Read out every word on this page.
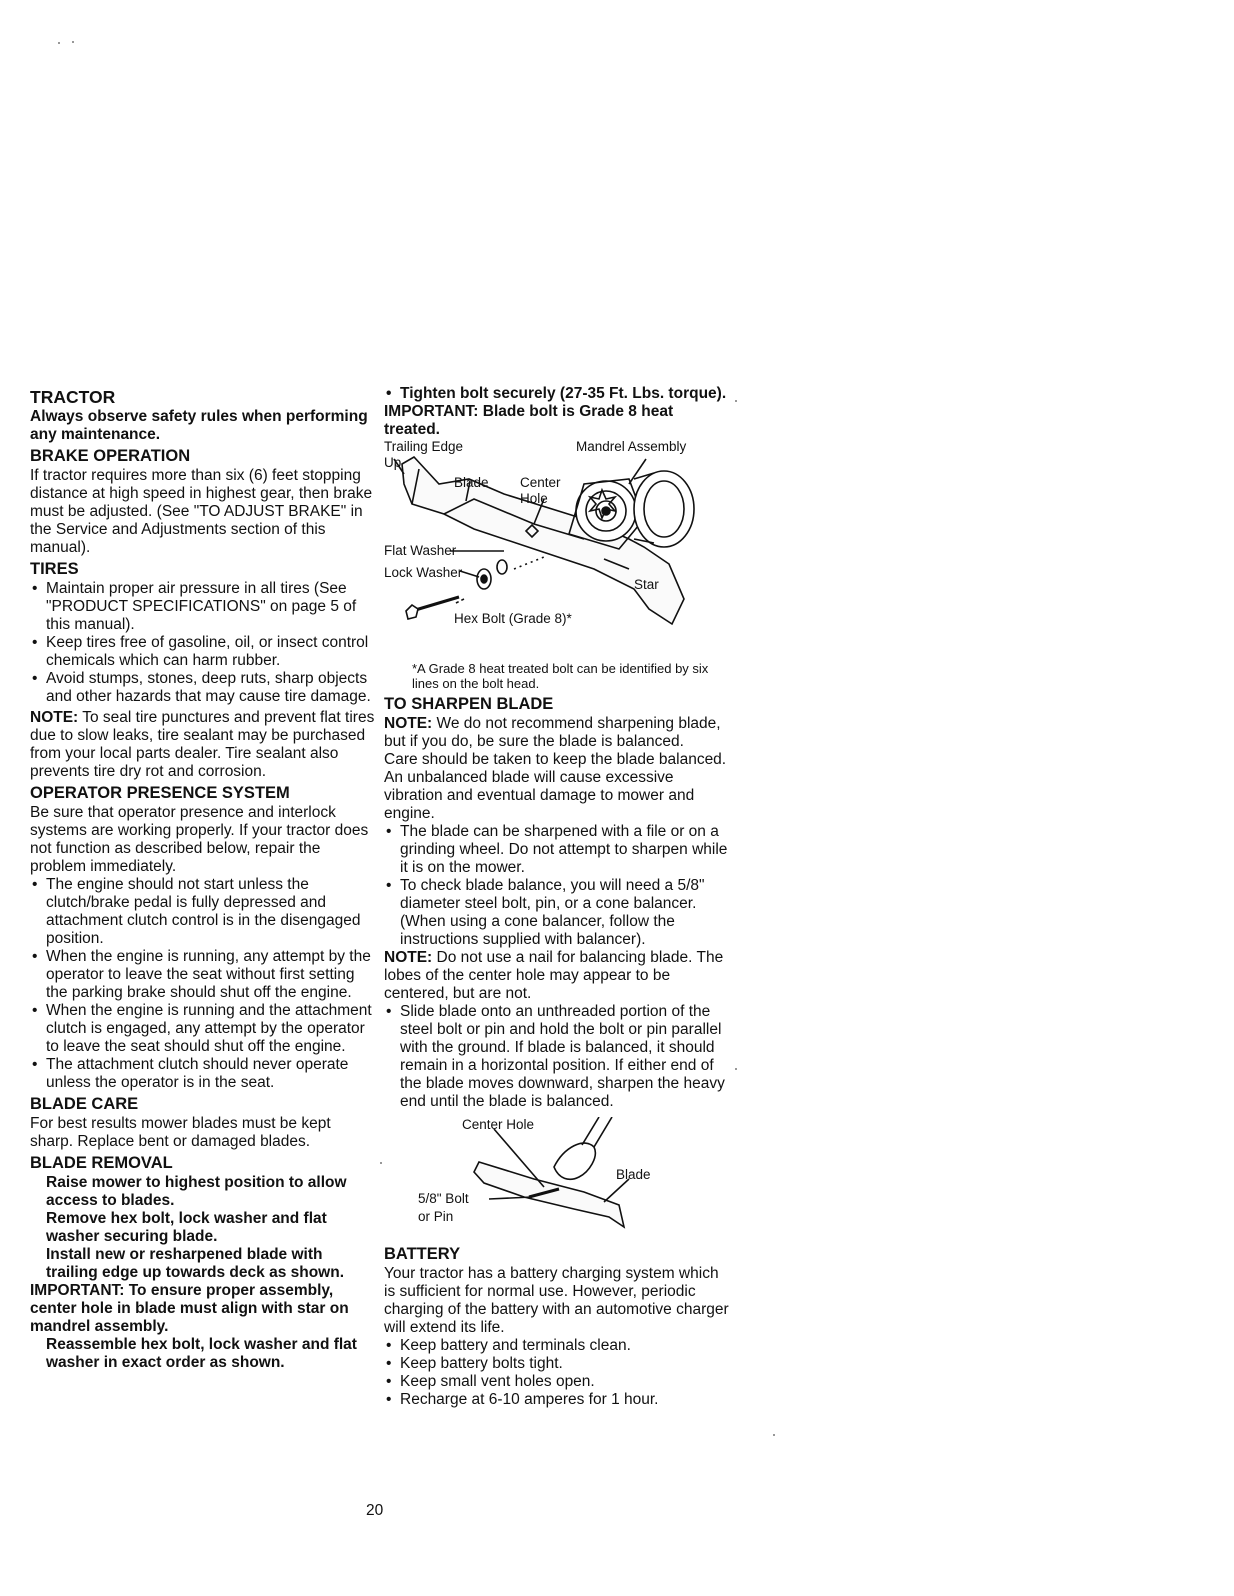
TRACTOR

Always observe safety rules when performing any maintenance.

BRAKE OPERATION

If tractor requires more than six (6) feet stopping distance at high speed in highest gear, then brake must be adjusted. (See "TO ADJUST BRAKE" in the Service and Adjustments section of this manual).

TIRES
• Maintain proper air pressure in all tires (See "PRODUCT SPECIFICATIONS" on page 5 of this manual).
• Keep tires free of gasoline, oil, or insect control chemicals which can harm rubber.
• Avoid stumps, stones, deep ruts, sharp objects and other hazards that may cause tire damage.

NOTE: To seal tire punctures and prevent flat tires due to slow leaks, tire sealant may be purchased from your local parts dealer. Tire sealant also prevents tire dry rot and corrosion.

OPERATOR PRESENCE SYSTEM

Be sure that operator presence and interlock systems are working properly. If your tractor does not function as described below, repair the problem immediately.

• The engine should not start unless the clutch/brake pedal is fully depressed and attachment clutch control is in the disengaged position.
• When the engine is running, any attempt by the operator to leave the seat without first setting the parking brake should shut off the engine.
• When the engine is running and the attachment clutch is engaged, any attempt by the operator to leave the seat should shut off the engine.
• The attachment clutch should never operate unless the operator is in the seat.
BLADE CARE

For best results mower blades must be kept sharp. Replace bent or damaged blades.

BLADE REMOVAL

Raise mower to highest position to allow access to blades.

Remove hex bolt, lock washer and flat washer securing blade.

Install new or resharpened blade with trailing edge up towards deck as shown.

IMPORTANT: To ensure proper assembly, center hole in blade must align with star on mandrel assembly.

Reassemble hex bolt, lock washer and flat washer in exact order as shown.

• Tighten bolt securely (27-35 Ft. Lbs. torque).

IMPORTANT: Blade bolt is Grade 8 heat treated.

Trailing Edge
Up
Mandrel Assembly
Blade Center
Hole
Flat Washer
Lock Washer
Star
Hex Bolt (Grade 8)*

*A Grade 8 heat treated bolt can be identified by six lines on the bolt head.

TO SHARPEN BLADE

NOTE: We do not recommend sharpening blade, but if you do, be sure the blade is balanced.

Care should be taken to keep the blade balanced. An unbalanced blade will cause excessive vibration and eventual damage to mower and engine.

• The blade can be sharpened with a file or on a grinding wheel. Do not attempt to sharpen while it is on the mower.
• To check blade balance, you will need a 5/8" diameter steel bolt, pin, or a cone balancer. (When using a cone balancer, follow the instructions supplied with balancer).

NOTE: Do not use a nail for balancing blade. The lobes of the center hole may appear to be centered, but are not.

• Slide blade onto an unthreaded portion of the steel bolt or pin and hold the bolt or pin parallel with the ground. If blade is balanced, it should remain in a horizontal position. If either end of the blade moves downward, sharpen the heavy end until the blade is balanced.
Center Hole
Blade
5/8" Bolt
or Pin
BATTERY

Your tractor has a battery charging system which is sufficient for normal use. However, periodic charging of the battery with an automotive charger will extend its life.

• Keep battery and terminals clean.
• Keep battery bolts tight.
• Keep small vent holes open.
• Recharge at 6-10 amperes for 1 hour.
20
